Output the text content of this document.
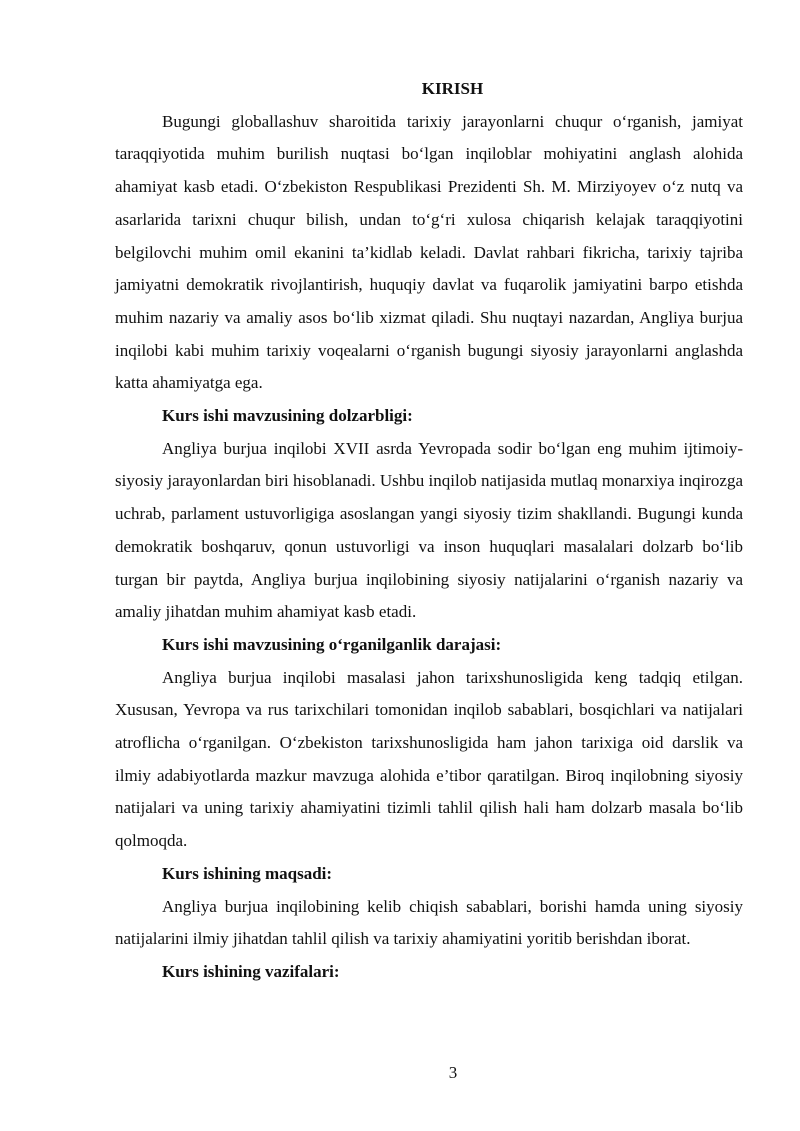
KIRISH

Bugungi globallashuv sharoitida tarixiy jarayonlarni chuqur o‘rganish, jamiyat taraqqiyotida muhim burilish nuqtasi bo‘lgan inqiloblar mohiyatini anglash alohida ahamiyat kasb etadi. O‘zbekiston Respublikasi Prezidenti Sh. M. Mirziyoyev o‘z nutq va asarlarida tarixni chuqur bilish, undan to‘g‘ri xulosa chiqarish kelajak taraqqiyotini belgilovchi muhim omil ekanini ta’kidlab keladi. Davlat rahbari fikricha, tarixiy tajriba jamiyatni demokratik rivojlantirish, huquqiy davlat va fuqarolik jamiyatini barpo etishda muhim nazariy va amaliy asos bo‘lib xizmat qiladi. Shu nuqtayi nazardan, Angliya burjua inqilobi kabi muhim tarixiy voqealarni o‘rganish bugungi siyosiy jarayonlarni anglashda katta ahamiyatga ega.

Kurs ishi mavzusining dolzarbligi:

Angliya burjua inqilobi XVII asrda Yevropada sodir bo‘lgan eng muhim ijtimoiy-siyosiy jarayonlardan biri hisoblanadi. Ushbu inqilob natijasida mutlaq monarxiya inqirozga uchrab, parlament ustuvorligiga asoslangan yangi siyosiy tizim shakllandi. Bugungi kunda demokratik boshqaruv, qonun ustuvorligi va inson huquqlari masalalari dolzarb bo‘lib turgan bir paytda, Angliya burjua inqilobining siyosiy natijalarini o‘rganish nazariy va amaliy jihatdan muhim ahamiyat kasb etadi.

Kurs ishi mavzusining o‘rganilganlik darajasi:

Angliya burjua inqilobi masalasi jahon tarixshunosligida keng tadqiq etilgan. Xususan, Yevropa va rus tarixchilari tomonidan inqilob sabablari, bosqichlari va natijalari atroflicha o‘rganilgan. O‘zbekiston tarixshunosligida ham jahon tarixiga oid darslik va ilmiy adabiyotlarda mazkur mavzuga alohida e’tibor qaratilgan. Biroq inqilobning siyosiy natijalari va uning tarixiy ahamiyatini tizimli tahlil qilish hali ham dolzarb masala bo‘lib qolmoqda.

Kurs ishining maqsadi:

Angliya burjua inqilobining kelib chiqish sabablari, borishi hamda uning siyosiy natijalarini ilmiy jihatdan tahlil qilish va tarixiy ahamiyatini yoritib berishdan iborat.

Kurs ishining vazifalari:

3
